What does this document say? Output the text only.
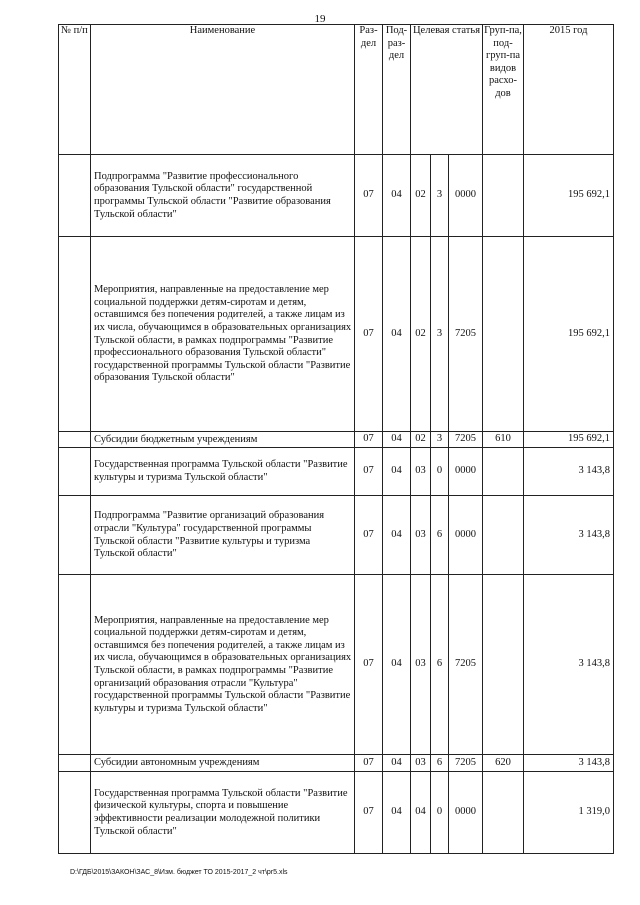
19
№ п/п	Наименование	Раз-дел	Под-раз-дел	Целевая статья			Груп-па, под-груп-па видов расхо-дов	2015 год
	Подпрограмма "Развитие профессионального образования Тульской области" государственной программы Тульской области "Развитие образования Тульской области"	07	04	02	3	0000		195 692,1
	Мероприятия, направленные на предоставление мер социальной поддержки детям-сиротам и детям, оставшимся без попечения родителей, а также лицам из их числа, обучающимся в образовательных организациях Тульской области, в рамках подпрограммы "Развитие профессионального образования Тульской области" государственной программы Тульской области "Развитие образования Тульской области"	07	04	02	3	7205		195 692,1
	Субсидии бюджетным учреждениям	07	04	02	3	7205	610	195 692,1
	Государственная программа Тульской области "Развитие культуры и туризма Тульской области"	07	04	03	0	0000		3 143,8
	Подпрограмма "Развитие организаций образования отрасли "Культура" государственной программы Тульской области "Развитие культуры и туризма Тульской области"	07	04	03	6	0000		3 143,8
	Мероприятия, направленные на предоставление мер социальной поддержки детям-сиротам и детям, оставшимся без попечения родителей, а также лицам из их числа, обучающимся в образовательных организациях Тульской области, в рамках подпрограммы "Развитие организаций образования отрасли "Культура" государственной программы Тульской области "Развитие культуры и туризма Тульской области"	07	04	03	6	7205		3 143,8
	Субсидии автономным учреждениям	07	04	03	6	7205	620	3 143,8
	Государственная программа Тульской области "Развитие физической культуры, спорта и повышение эффективности реализации молодежной политики Тульской области"	07	04	04	0	0000		1 319,0
D:\ГДБ\2015\ЗАКОН\ЗАС_8\Изм. бюджет ТО 2015-2017_2 чт\pr5.xls
